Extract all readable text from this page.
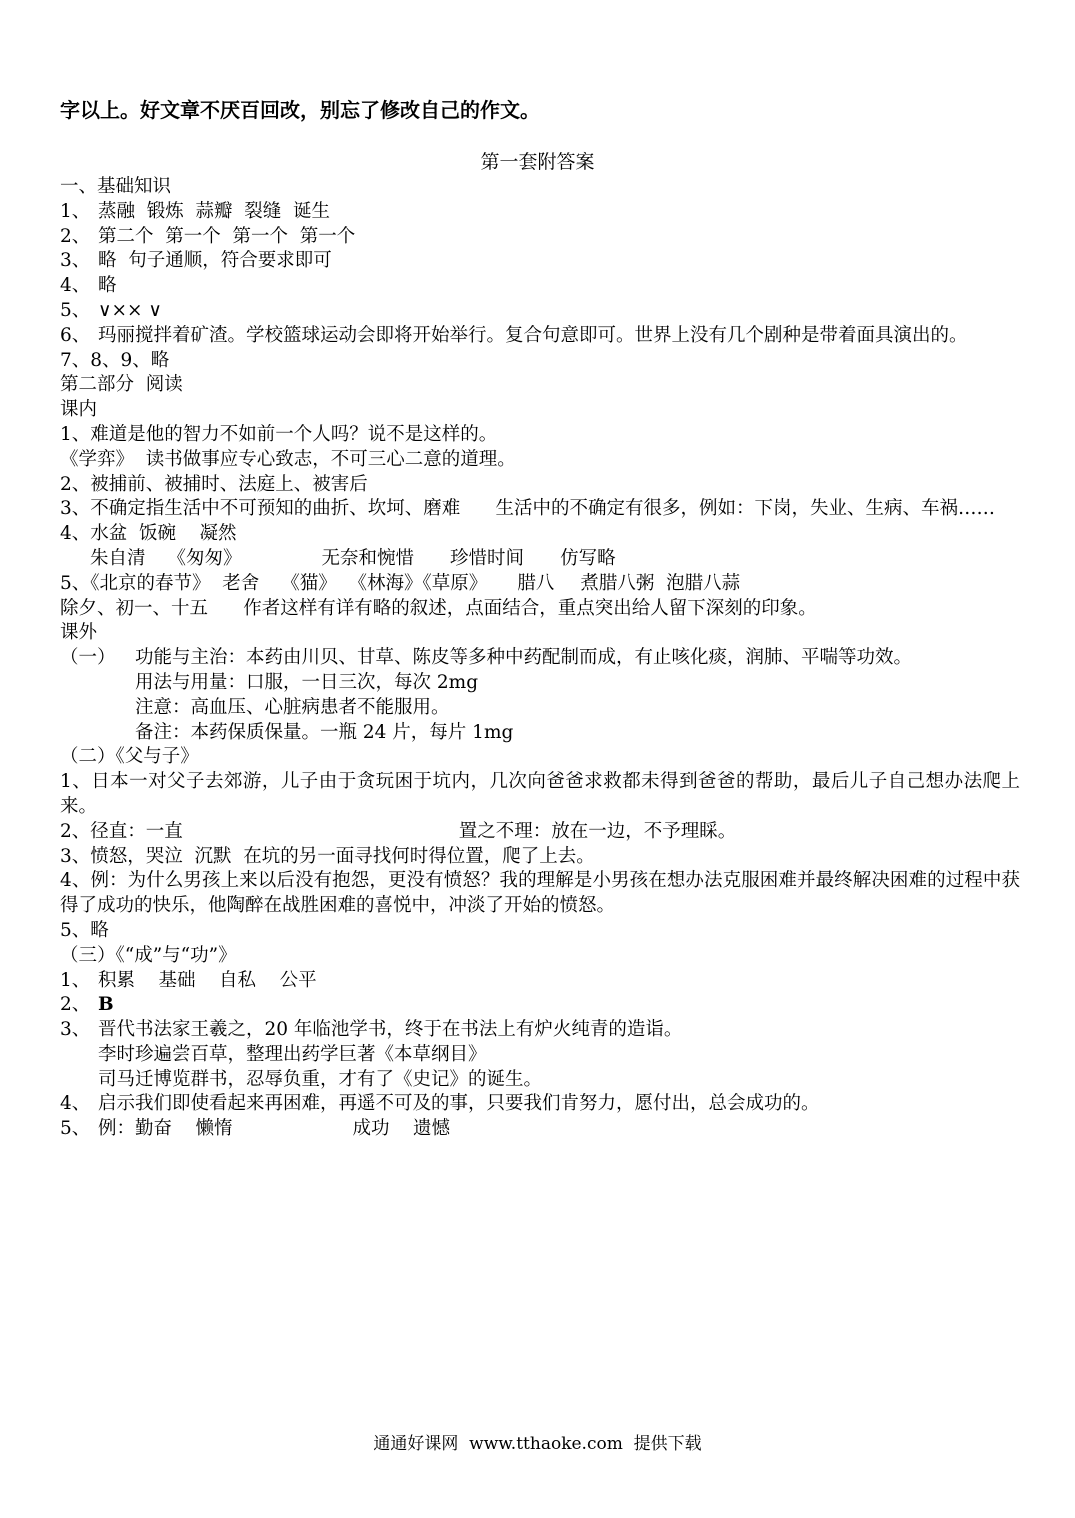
字以上。好文章不厌百回改，别忘了修改自己的作文。
第一套附答案
一、基础知识
1、 蒸融  锻炼  蒜瓣  裂缝  诞生
2、 第二个  第一个  第一个  第一个
3、 略  句子通顺，符合要求即可
4、 略
5、 ∨×× ∨
6、 玛丽搅拌着矿渣。学校篮球运动会即将开始举行。复合句意即可。世界上没有几个剧种是带着面具演出的。
7、8、9、略
第二部分  阅读
课内
1、难道是他的智力不如前一个人吗？说不是这样的。
《学弈》  读书做事应专心致志，不可三心二意的道理。
2、被捕前、被捕时、法庭上、被害后
3、不确定指生活中不可预知的曲折、坎坷、磨难      生活中的不确定有很多，例如：下岗，失业、生病、车祸……
4、水盆  饭碗    凝然
朱自清 《匆匆》	无奈和惋惜 珍惜时间 仿写略
5、《北京的春节》  老舍 《猫》  《林海》《草原》 腊八 煮腊八粥  泡腊八蒜
除夕、初一、十五      作者这样有详有略的叙述，点面结合，重点突出给人留下深刻的印象。
课外
（一）	功能与主治：本药由川贝、甘草、陈皮等多种中药配制而成，有止咳化痰，润肺、平喘等功效。
用法与用量：口服，一日三次，每次 2mg
注意：高血压、心脏病患者不能服用。
备注：本药保质保量。一瓶 24 片，每片 1mg
（二）《父与子》
1、日本一对父子去郊游，儿子由于贪玩困于坑内，几次向爸爸求救都未得到爸爸的帮助，最后儿子自己想办法爬上来。
2、径直：一直	置之不理：放在一边，不予理睬。
3、愤怒，哭泣  沉默  在坑的另一面寻找何时得位置，爬了上去。
4、例：为什么男孩上来以后没有抱怨，更没有愤怒？我的理解是小男孩在想办法克服困难并最终解决困难的过程中获得了成功的快乐，他陶醉在战胜困难的喜悦中，冲淡了开始的愤怒。
5、略
（三）《“成”与“功”》
1、 积累    基础    自私    公平
2、 B
3、 晋代书法家王羲之，20 年临池学书，终于在书法上有炉火纯青的造诣。
李时珍遍尝百草，整理出药学巨著《本草纲目》
司马迁博览群书，忍辱负重，才有了《史记》的诞生。
4、 启示我们即使看起来再困难，再遥不可及的事，只要我们肯努力，愿付出，总会成功的。
5、 例：勤奋    懒惰	成功    遗憾
通通好课网  www.tthaoke.com  提供下载
